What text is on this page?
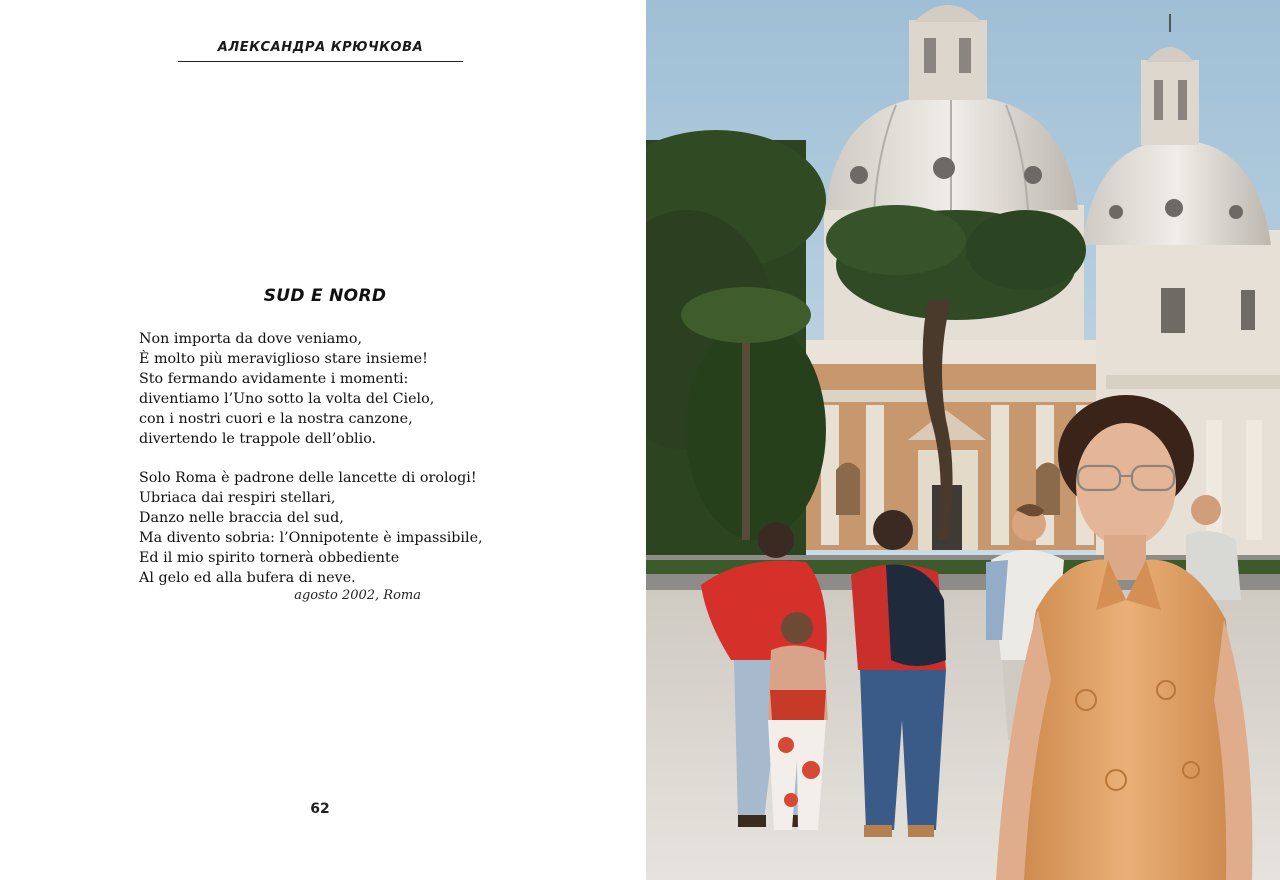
АЛЕКСАНДРА КРЮЧКОВА
SUD E NORD

Non importa da dove veniamo,
È molto più meraviglioso stare insieme!
Sto fermando avidamente i momenti:
diventiamo l’Uno sotto la volta del Cielo,
con i nostri cuori e la nostra canzone,
divertendo le trappole dell’oblio.

Solo Roma è padrone delle lancette di orologi!
Ubriaca dai respiri stellari,
Danzo nelle braccia del sud,
Ma divento sobria: l’Onnipotente è impassibile,
Ed il mio spirito tornerà obbediente
Al gelo ed alla bufera di neve.

agosto 2002, Roma
62
